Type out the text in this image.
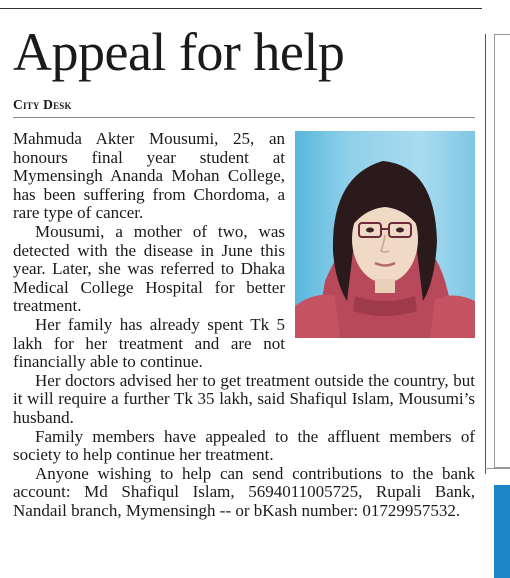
Appeal for help
City Desk

Mahmuda Akter Mousumi, 25, an honours final year student at Mymensingh Ananda Mohan College, has been suffering from Chordoma, a rare type of cancer.

Mousumi, a mother of two, was detected with the disease in June this year. Later, she was referred to Dhaka Medical College Hospital for better treatment.

Her family has already spent Tk 5 lakh for her treatment and are not financially able to continue.

Her doctors advised her to get treatment outside the country, but it will require a further Tk 35 lakh, said Shafiqul Islam, Mousumi’s husband.

Family members have appealed to the affluent members of society to help continue her treatment.

Anyone wishing to help can send contributions to the bank account: Md Shafiqul Islam, 5694011005725, Rupali Bank, Nandail branch, Mymensingh -- or bKash number: 01729957532.
